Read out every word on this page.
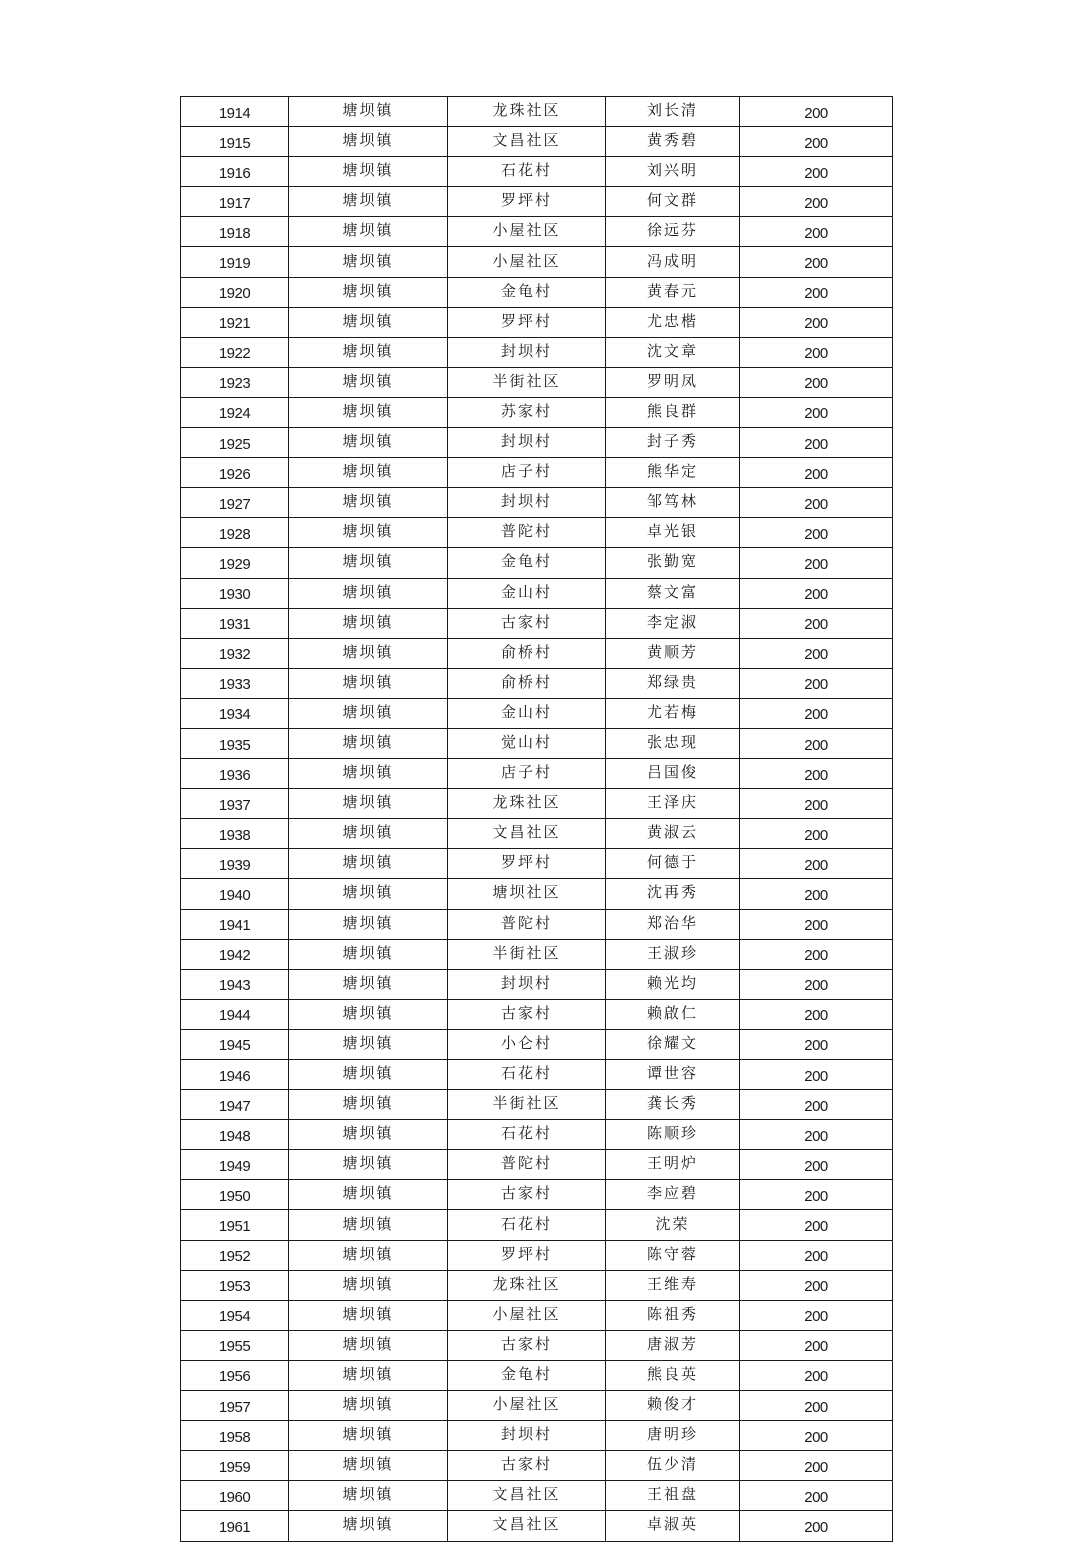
1914	塘坝镇	龙珠社区	刘长清	200
1915	塘坝镇	文昌社区	黄秀碧	200
1916	塘坝镇	石花村	刘兴明	200
1917	塘坝镇	罗坪村	何文群	200
1918	塘坝镇	小屋社区	徐远芬	200
1919	塘坝镇	小屋社区	冯成明	200
1920	塘坝镇	金龟村	黄春元	200
1921	塘坝镇	罗坪村	尤忠楷	200
1922	塘坝镇	封坝村	沈文章	200
1923	塘坝镇	半街社区	罗明凤	200
1924	塘坝镇	苏家村	熊良群	200
1925	塘坝镇	封坝村	封子秀	200
1926	塘坝镇	店子村	熊华定	200
1927	塘坝镇	封坝村	邹笃林	200
1928	塘坝镇	普陀村	卓光银	200
1929	塘坝镇	金龟村	张勤宽	200
1930	塘坝镇	金山村	蔡文富	200
1931	塘坝镇	古家村	李定淑	200
1932	塘坝镇	俞桥村	黄顺芳	200
1933	塘坝镇	俞桥村	郑绿贵	200
1934	塘坝镇	金山村	尤若梅	200
1935	塘坝镇	觉山村	张忠现	200
1936	塘坝镇	店子村	吕国俊	200
1937	塘坝镇	龙珠社区	王泽庆	200
1938	塘坝镇	文昌社区	黄淑云	200
1939	塘坝镇	罗坪村	何德于	200
1940	塘坝镇	塘坝社区	沈再秀	200
1941	塘坝镇	普陀村	郑治华	200
1942	塘坝镇	半街社区	王淑珍	200
1943	塘坝镇	封坝村	赖光均	200
1944	塘坝镇	古家村	赖啟仁	200
1945	塘坝镇	小仑村	徐耀文	200
1946	塘坝镇	石花村	谭世容	200
1947	塘坝镇	半街社区	龚长秀	200
1948	塘坝镇	石花村	陈顺珍	200
1949	塘坝镇	普陀村	王明炉	200
1950	塘坝镇	古家村	李应碧	200
1951	塘坝镇	石花村	沈荣	200
1952	塘坝镇	罗坪村	陈守蓉	200
1953	塘坝镇	龙珠社区	王维寿	200
1954	塘坝镇	小屋社区	陈祖秀	200
1955	塘坝镇	古家村	唐淑芳	200
1956	塘坝镇	金龟村	熊良英	200
1957	塘坝镇	小屋社区	赖俊才	200
1958	塘坝镇	封坝村	唐明珍	200
1959	塘坝镇	古家村	伍少清	200
1960	塘坝镇	文昌社区	王祖盘	200
1961	塘坝镇	文昌社区	卓淑英	200
